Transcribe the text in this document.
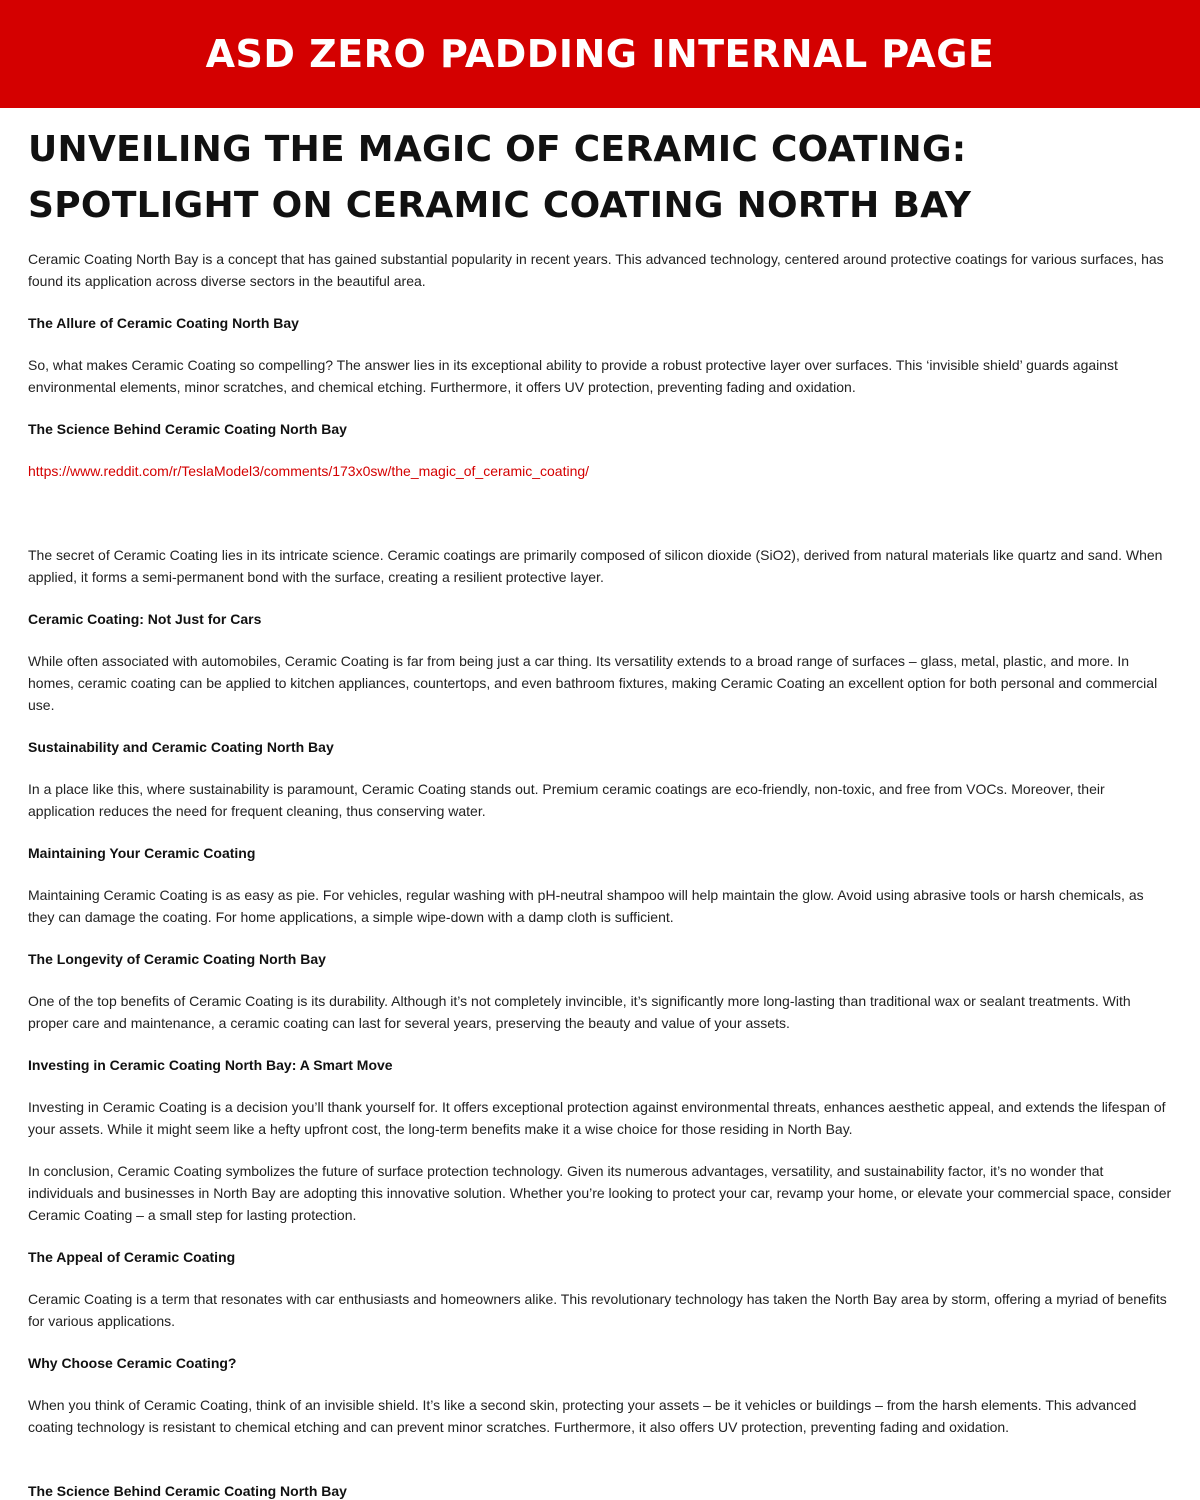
ASD ZERO PADDING INTERNAL PAGE
UNVEILING THE MAGIC OF CERAMIC COATING:
SPOTLIGHT ON CERAMIC COATING NORTH BAY

Ceramic Coating North Bay is a concept that has gained substantial popularity in recent years. This advanced technology, centered around protective coatings for various surfaces, has found its application across diverse sectors in the beautiful area.

The Allure of Ceramic Coating North Bay

So, what makes Ceramic Coating so compelling? The answer lies in its exceptional ability to provide a robust protective layer over surfaces. This ‘invisible shield’ guards against environmental elements, minor scratches, and chemical etching. Furthermore, it offers UV protection, preventing fading and oxidation.

The Science Behind Ceramic Coating North Bay

https://www.reddit.com/r/TeslaModel3/comments/173x0sw/the_magic_of_ceramic_coating/

The secret of Ceramic Coating lies in its intricate science. Ceramic coatings are primarily composed of silicon dioxide (SiO2), derived from natural materials like quartz and sand. When applied, it forms a semi-permanent bond with the surface, creating a resilient protective layer.

Ceramic Coating: Not Just for Cars

While often associated with automobiles, Ceramic Coating is far from being just a car thing. Its versatility extends to a broad range of surfaces – glass, metal, plastic, and more. In homes, ceramic coating can be applied to kitchen appliances, countertops, and even bathroom fixtures, making Ceramic Coating an excellent option for both personal and commercial use.

Sustainability and Ceramic Coating North Bay

In a place like this, where sustainability is paramount, Ceramic Coating stands out. Premium ceramic coatings are eco-friendly, non-toxic, and free from VOCs. Moreover, their application reduces the need for frequent cleaning, thus conserving water.

Maintaining Your Ceramic Coating

Maintaining Ceramic Coating is as easy as pie. For vehicles, regular washing with pH-neutral shampoo will help maintain the glow. Avoid using abrasive tools or harsh chemicals, as they can damage the coating. For home applications, a simple wipe-down with a damp cloth is sufficient.

The Longevity of Ceramic Coating North Bay

One of the top benefits of Ceramic Coating is its durability. Although it’s not completely invincible, it’s significantly more long-lasting than traditional wax or sealant treatments. With proper care and maintenance, a ceramic coating can last for several years, preserving the beauty and value of your assets.

Investing in Ceramic Coating North Bay: A Smart Move

Investing in Ceramic Coating is a decision you’ll thank yourself for. It offers exceptional protection against environmental threats, enhances aesthetic appeal, and extends the lifespan of your assets. While it might seem like a hefty upfront cost, the long-term benefits make it a wise choice for those residing in North Bay.

In conclusion, Ceramic Coating symbolizes the future of surface protection technology. Given its numerous advantages, versatility, and sustainability factor, it’s no wonder that individuals and businesses in North Bay are adopting this innovative solution. Whether you’re looking to protect your car, revamp your home, or elevate your commercial space, consider Ceramic Coating – a small step for lasting protection.

The Appeal of Ceramic Coating

Ceramic Coating is a term that resonates with car enthusiasts and homeowners alike. This revolutionary technology has taken the North Bay area by storm, offering a myriad of benefits for various applications.

Why Choose Ceramic Coating?

When you think of Ceramic Coating, think of an invisible shield. It’s like a second skin, protecting your assets – be it vehicles or buildings – from the harsh elements. This advanced coating technology is resistant to chemical etching and can prevent minor scratches. Furthermore, it also offers UV protection, preventing fading and oxidation.

The Science Behind Ceramic Coating North Bay
